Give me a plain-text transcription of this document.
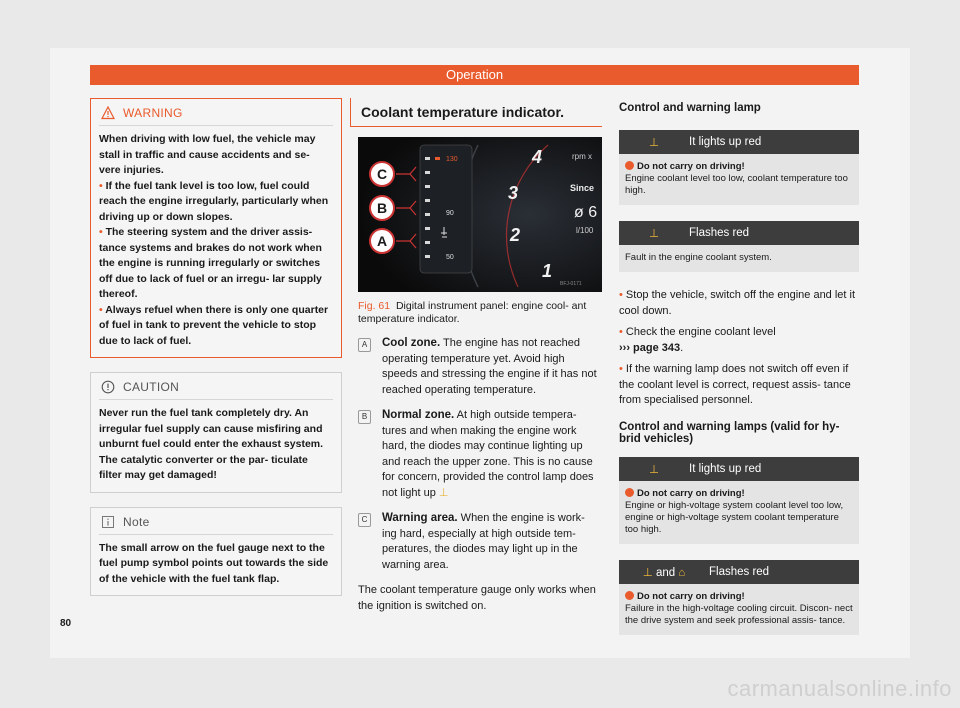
Operation
WARNING
When driving with low fuel, the vehicle may stall in traffic and cause accidents and se- vere injuries.
• If the fuel tank level is too low, fuel could reach the engine irregularly, particularly when driving up or down slopes.
• The steering system and the driver assis- tance systems and brakes do not work when the engine is running irregularly or switches off due to lack of fuel or an irregu- lar supply thereof.
• Always refuel when there is only one quarter of fuel in tank to prevent the vehicle to stop due to lack of fuel.
CAUTION
Never run the fuel tank completely dry. An irregular fuel supply can cause misfiring and unburnt fuel could enter the exhaust system. The catalytic converter or the par- ticulate filter may get damaged!
Note
The small arrow on the fuel gauge next to the fuel pump symbol points out towards the side of the vehicle with the fuel tank flap.
Coolant temperature indicator.
130
90
50
C
B
A
4
3
2
1
rpm x
Since
ø 6
l/100
BFJ-0171
Fig. 61 Digital instrument panel: engine cool- ant temperature indicator.
A	Cool zone. The engine has not reached operating temperature yet. Avoid high speeds and stressing the engine if it has not reached operating temperature.
B	Normal zone. At high outside tempera- tures and when making the engine work hard, the diodes may continue lighting up and reach the upper zone. This is no cause for concern, provided the control lamp does not light up ⊥
C	Warning area. When the engine is work- ing hard, especially at high outside tem- peratures, the diodes may light up in the warning area.
The coolant temperature gauge only works when the ignition is switched on.
Control and warning lamp
⊥	It lights up red
Do not carry on driving!
Engine coolant level too low, coolant temperature too high.
⊥	Flashes red
Fault in the engine coolant system.
• Stop the vehicle, switch off the engine and let it cool down.
• Check the engine coolant level
››› page 343.
• If the warning lamp does not switch off even if the coolant level is correct, request assis- tance from specialised personnel.
Control and warning lamps (valid for hy- brid vehicles)
⊥	It lights up red
Do not carry on driving!
Engine or high-voltage system coolant level too low, engine or high-voltage system coolant temperature too high.
⊥ and ⌂	Flashes red
Do not carry on driving!
Failure in the high-voltage cooling circuit. Discon- nect the drive system and seek professional assis- tance.
80
carmanualsonline.info
